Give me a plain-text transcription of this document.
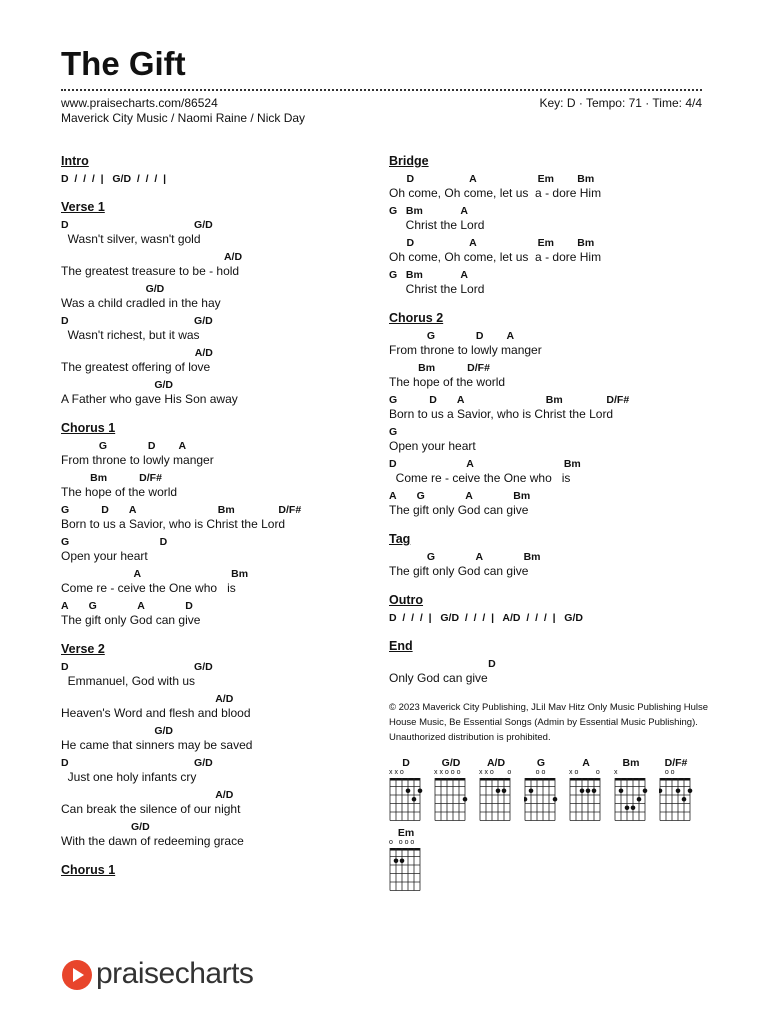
The Gift
www.praisecharts.com/86524
Maverick City Music / Naomi Raine / Nick Day
Key: D · Tempo: 71 · Time: 4/4
Intro
D  /  /  /  |   G/D  /  /  /  |
Verse 1
D                                           G/D
Wasn't silver, wasn't gold
A/D
The greatest treasure to be - hold
G/D
Was a child cradled in the hay
D                                           G/D
Wasn't richest, but it was
A/D
The greatest offering of love
G/D
A Father who gave His Son away
Chorus 1
G              D        A
From throne to lowly manger
Bm           D/F#
The hope of the world
G           D       A                            Bm               D/F#
Born to us a Savior, who is Christ the Lord
G                               D
Open your heart
A                               Bm
Come re - ceive the One who   is
A       G              A              D
The gift only God can give
Verse 2
D                                           G/D
Emmanuel, God with us
A/D
Heaven's Word and flesh and blood
G/D
He came that sinners may be saved
D                                           G/D
Just one holy infants cry
A/D
Can break the silence of our night
G/D
With the dawn of redeeming grace
Chorus 1
Bridge
D                   A                     Em        Bm
Oh come, Oh come, let us  a - dore Him
G   Bm             A
Christ the Lord
D                   A                     Em        Bm
Oh come, Oh come, let us  a - dore Him
G   Bm             A
Christ the Lord
Chorus 2
G              D        A
From throne to lowly manger
Bm           D/F#
The hope of the world
G           D       A                            Bm               D/F#
Born to us a Savior, who is Christ the Lord
G
Open your heart
D                        A                               Bm
Come re - ceive the One who   is
A       G              A              Bm
The gift only God can give
Tag
G              A              Bm
The gift only God can give
Outro
D  /  /  /  |   G/D  /  /  /  |   A/D  /  /  /  |   G/D
End
D
Only God can give
© 2023 Maverick City Publishing, JLil Mav Hitz Only Music Publishing Hulse House Music, Be Essential Songs (Admin by Essential Music Publishing). Unauthorized distribution is prohibited.
D
x x o
G/D
x x o o o
A/D
x x o       o
G
o o
A
x o         o
Bm
x
D/F#
o o
Em
o   o o o
praisecharts
